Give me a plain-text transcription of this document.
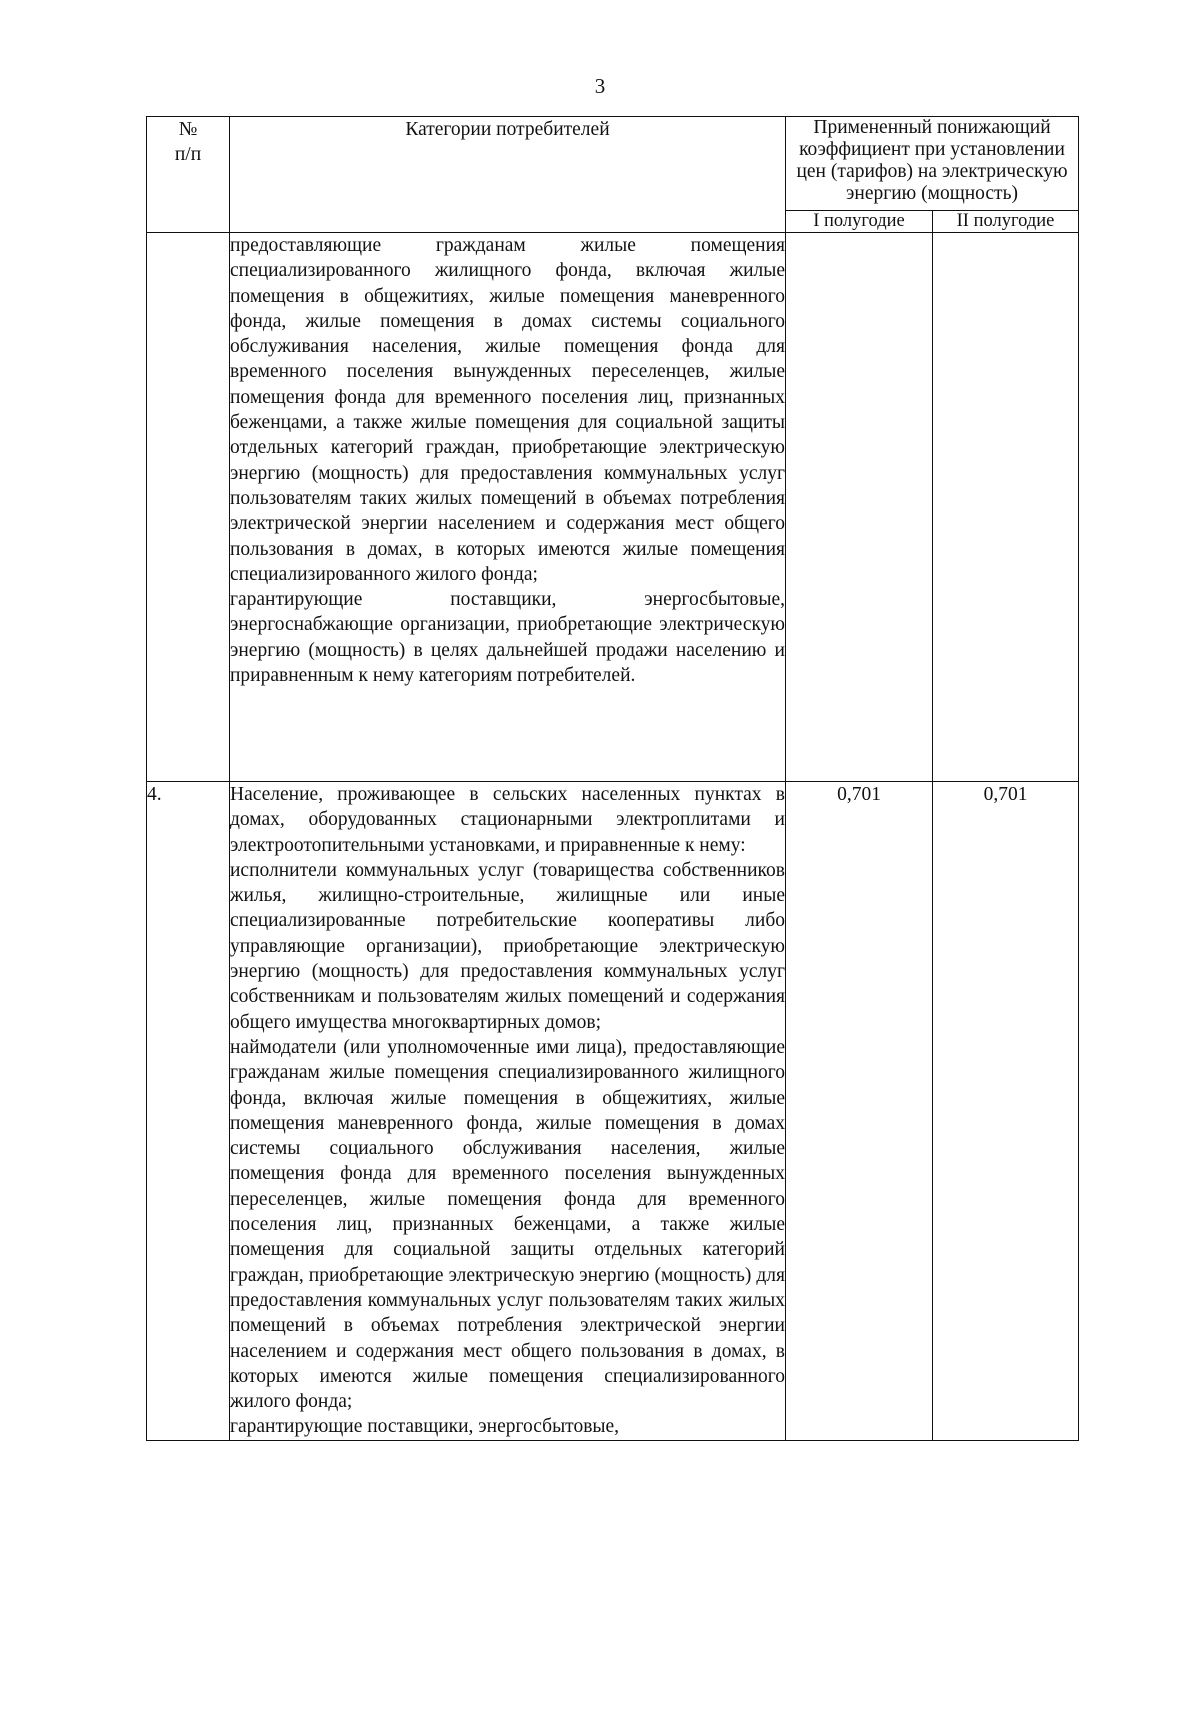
3
№
п/п	Категории потребителей	Примененный понижающий коэффициент при установлении цен (тарифов) на электрическую энергию (мощность)	
		I полугодие	II полугодие

	предоставляющие гражданам жилые помещения специализированного жилищного фонда, включая жилые помещения в общежитиях, жилые помещения маневренного фонда, жилые помещения в домах системы социального обслуживания населения, жилые помещения фонда для временного поселения вынужденных переселенцев, жилые помещения фонда для временного поселения лиц, признанных беженцами, а также жилые помещения для социальной защиты отдельных категорий граждан, приобретающие электрическую энергию (мощность) для предоставления коммунальных услуг пользователям таких жилых помещений в объемах потребления электрической энергии населением и содержания мест общего пользования в домах, в которых имеются жилые помещения специализированного жилого фонда;
гарантирующие поставщики, энергосбытовые, энергоснабжающие организации, приобретающие электрическую энергию (мощность) в целях дальнейшей продажи населению и приравненным к нему категориям потребителей.		

4.	Население, проживающее в сельских населенных пунктах в домах, оборудованных стационарными электроплитами и электроотопительными установками, и приравненные к нему:
исполнители коммунальных услуг (товарищества собственников жилья, жилищно-строительные, жилищные или иные специализированные потребительские кооперативы либо управляющие организации), приобретающие электрическую энергию (мощность) для предоставления коммунальных услуг собственникам и пользователям жилых помещений и содержания общего имущества многоквартирных домов;
наймодатели (или уполномоченные ими лица), предоставляющие гражданам жилые помещения специализированного жилищного фонда, включая жилые помещения в общежитиях, жилые помещения маневренного фонда, жилые помещения в домах системы социального обслуживания населения, жилые помещения фонда для временного поселения вынужденных переселенцев, жилые помещения фонда для временного поселения лиц, признанных беженцами, а также жилые помещения для социальной защиты отдельных категорий граждан, приобретающие электрическую энергию (мощность) для предоставления коммунальных услуг пользователям таких жилых помещений в объемах потребления электрической энергии населением и содержания мест общего пользования в домах, в которых имеются жилые помещения специализированного жилого фонда;
гарантирующие поставщики, энергосбытовые,	0,701	0,701
